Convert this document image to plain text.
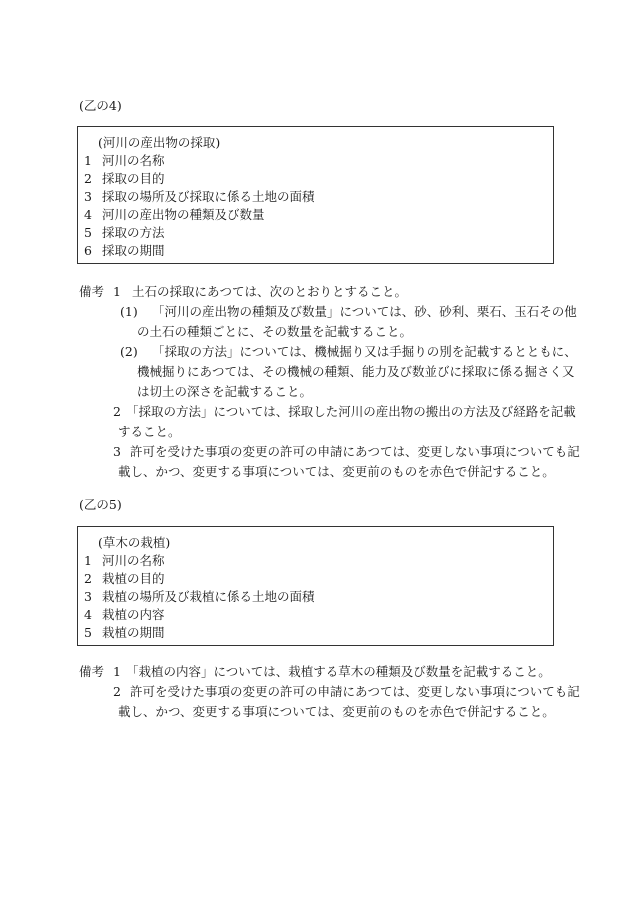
(乙の4)
(河川の産出物の採取)
1 河川の名称
2 採取の目的
3 採取の場所及び採取に係る土地の面積
4 河川の産出物の種類及び数量
5 採取の方法
6 採取の期間
備考 1 土石の採取にあつては、次のとおりとすること。
(1) 「河川の産出物の種類及び数量」については、砂、砂利、栗石、玉石その他
の土石の種類ごとに、その数量を記載すること。
(2) 「採取の方法」については、機械掘り又は手掘りの別を記載するとともに、
機械掘りにあつては、その機械の種類、能力及び数並びに採取に係る掘さく又
は切土の深さを記載すること。
2 「採取の方法」については、採取した河川の産出物の搬出の方法及び経路を記載
すること。
3 許可を受けた事項の変更の許可の申請にあつては、変更しない事項についても記
載し、かつ、変更する事項については、変更前のものを赤色で併記すること。
(乙の5)
(草木の栽植)
1 河川の名称
2 栽植の目的
3 栽植の場所及び栽植に係る土地の面積
4 栽植の内容
5 栽植の期間
備考 1 「栽植の内容」については、栽植する草木の種類及び数量を記載すること。
2 許可を受けた事項の変更の許可の申請にあつては、変更しない事項についても記
載し、かつ、変更する事項については、変更前のものを赤色で併記すること。
